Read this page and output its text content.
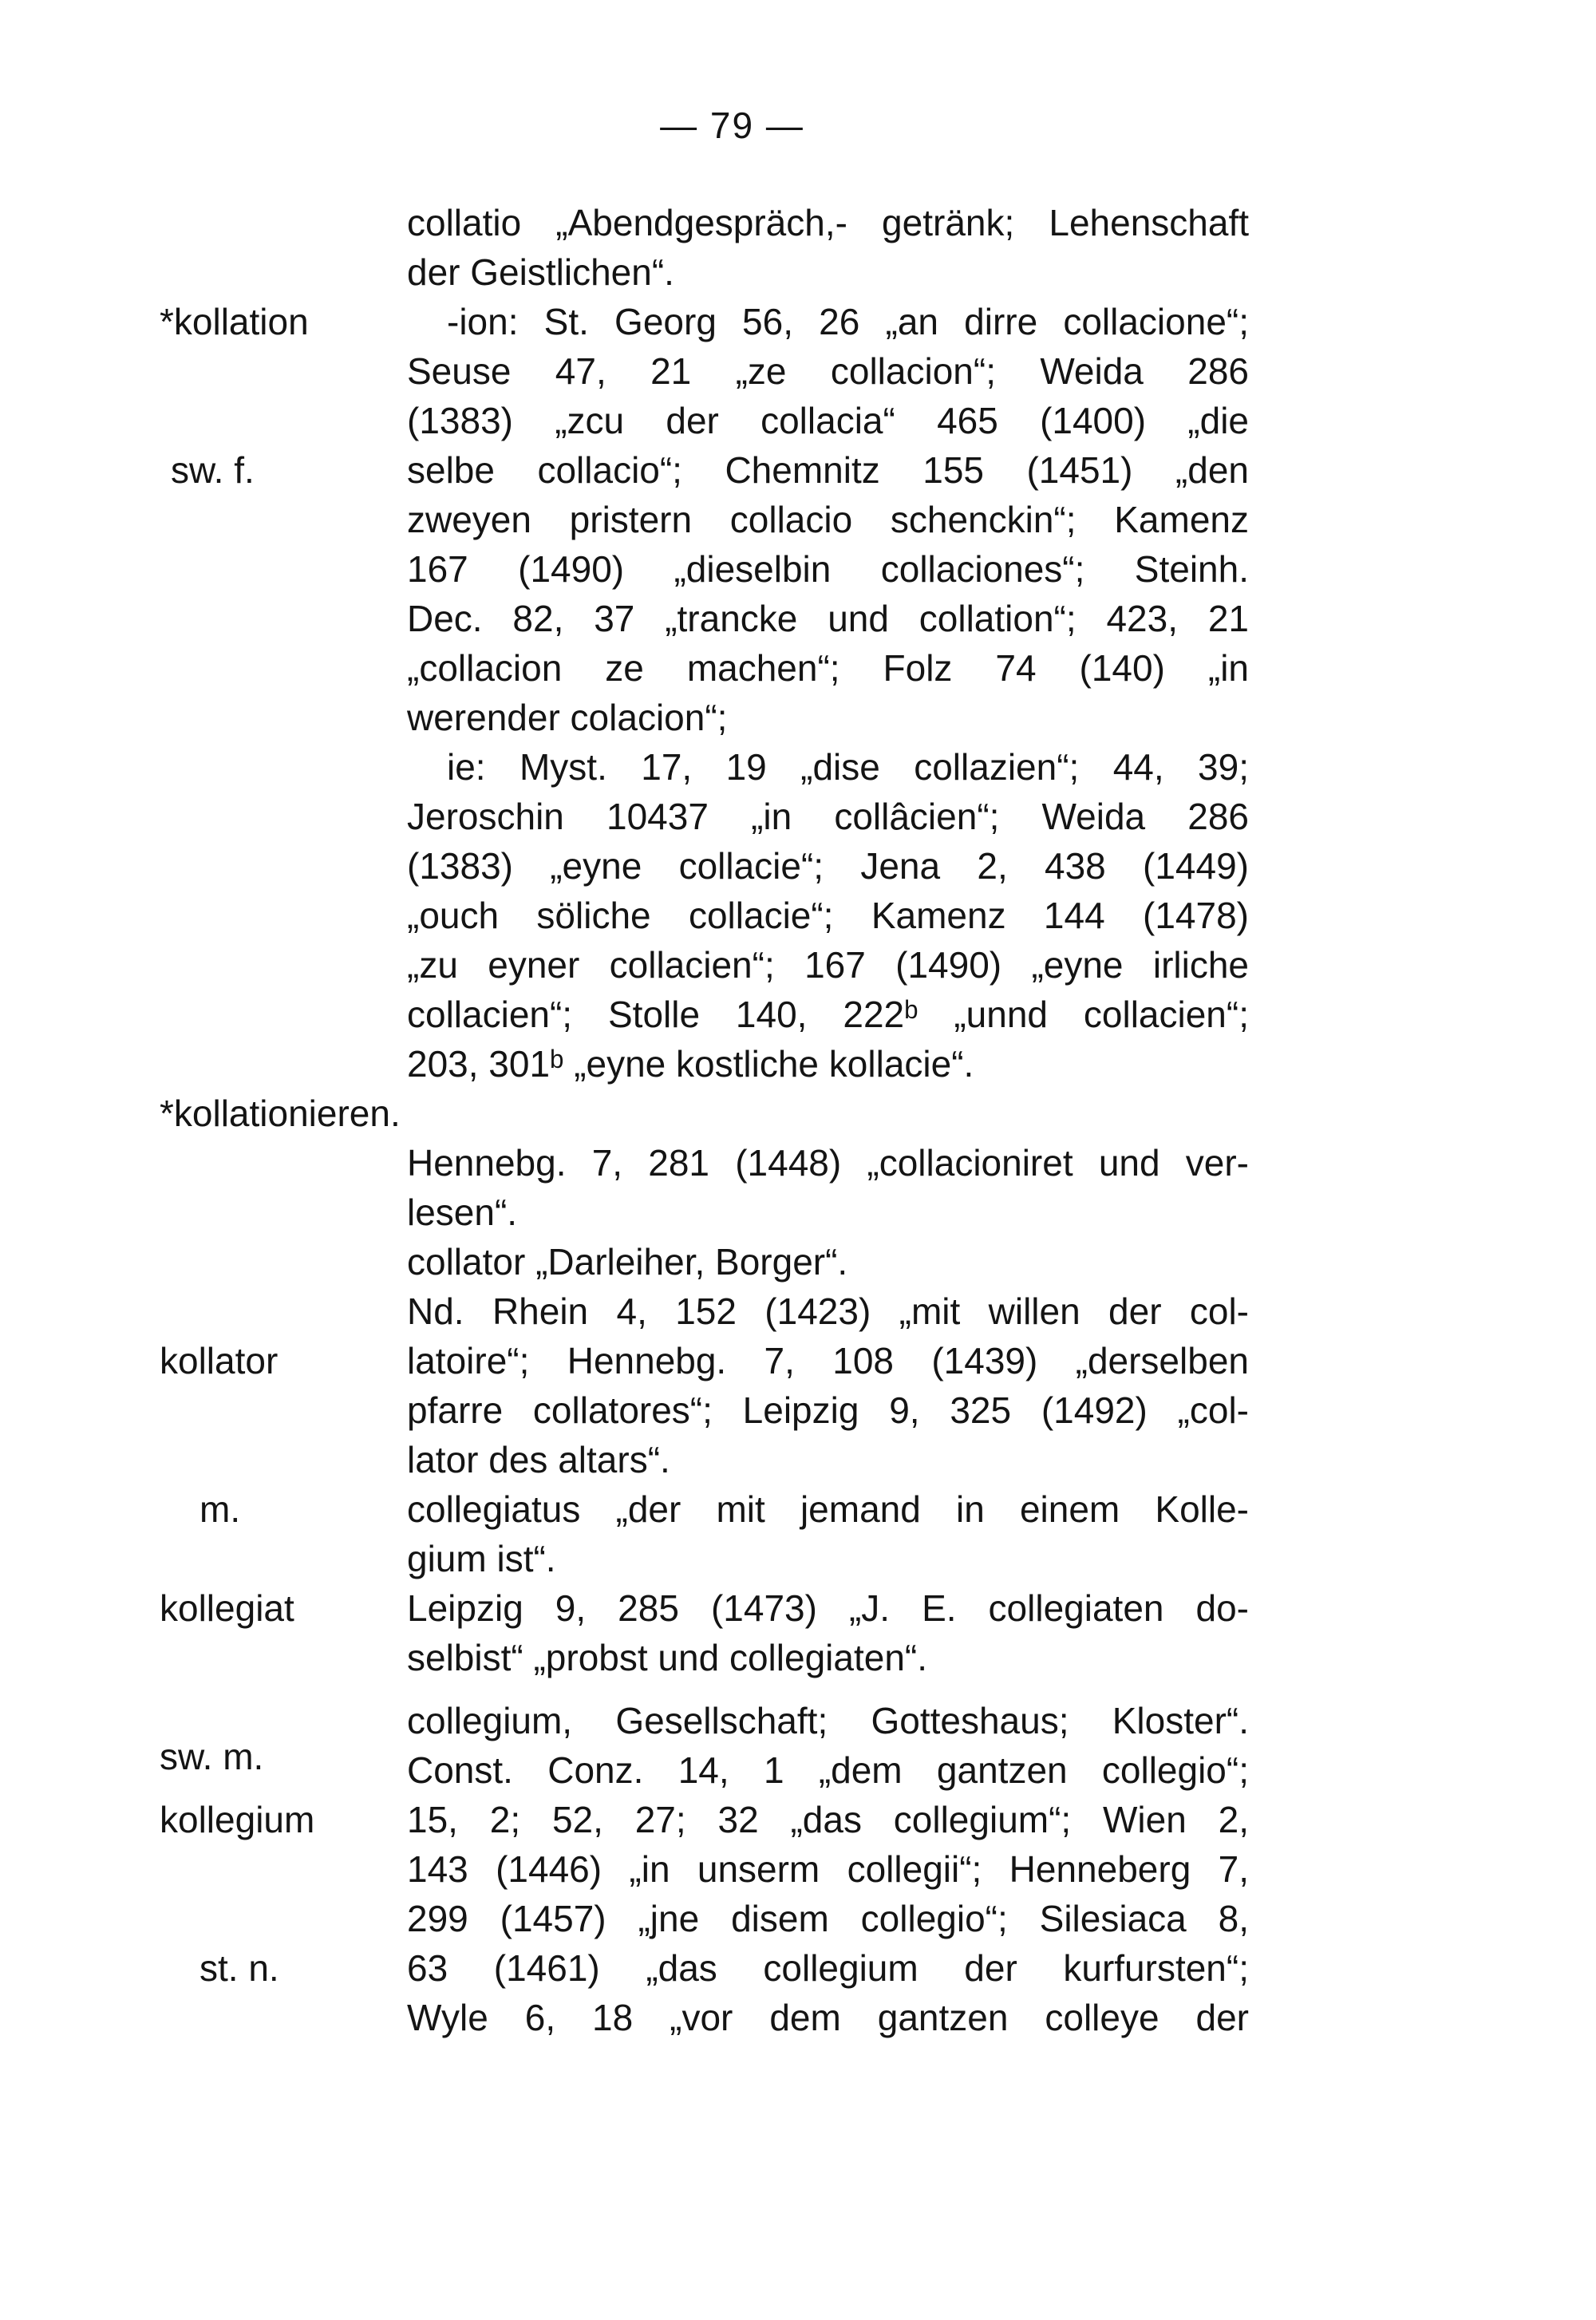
— 79 —

*kollation

sw. f.

collatio „Abendgespräch,- getränk; Lehenschaft
der Geistlichen“.
-ion: St. Georg 56, 26 „an dirre collacione“;
Seuse 47, 21 „ze collacion“; Weida 286
(1383) „zcu der collacia“ 465 (1400) „die
selbe collacio“; Chemnitz 155 (1451) „den
zweyen pristern collacio schenckin“; Kamenz
167 (1490) „dieselbin collaciones“; Steinh.
Dec. 82, 37 „trancke und collation“; 423, 21
„collacion ze machen“; Folz 74 (140) „in
werender colacion“;
ie: Myst. 17, 19 „dise collazien“; 44, 39;
Jeroschin 10437 „in collâcien“; Weida 286
(1383) „eyne collacie“; Jena 2, 438 (1449)
„ouch söliche collacie“; Kamenz 144 (1478)
„zu eyner collacien“; 167 (1490) „eyne irliche
collacien“; Stolle 140, 222ᵇ „unnd collacien“;
203, 301ᵇ „eyne kostliche kollacie“.
*kollationieren.
Hennebg. 7, 281 (1448) „collacioniret und ver-
lesen“.

kollator

m.

collator „Darleiher, Borger“.
Nd. Rhein 4, 152 (1423) „mit willen der col-
latoire“; Hennebg. 7, 108 (1439) „derselben
pfarre collatores“; Leipzig 9, 325 (1492) „col-
lator des altars“.

kollegiat

sw. m.

collegiatus „der mit jemand in einem Kolle-
gium ist“.
Leipzig 9, 285 (1473) „J. E. collegiaten do-
selbist“ „probst und collegiaten“.

kollegium

st. n.

collegium, Gesellschaft; Gotteshaus; Kloster“.
Const. Conz. 14, 1 „dem gantzen collegio“;
15, 2; 52, 27; 32 „das collegium“; Wien 2,
143 (1446) „in unserm collegii“; Henneberg 7,
299 (1457) „jne disem collegio“; Silesiaca 8,
63 (1461) „das collegium der kurfursten“;
Wyle 6, 18 „vor dem gantzen colleye der
